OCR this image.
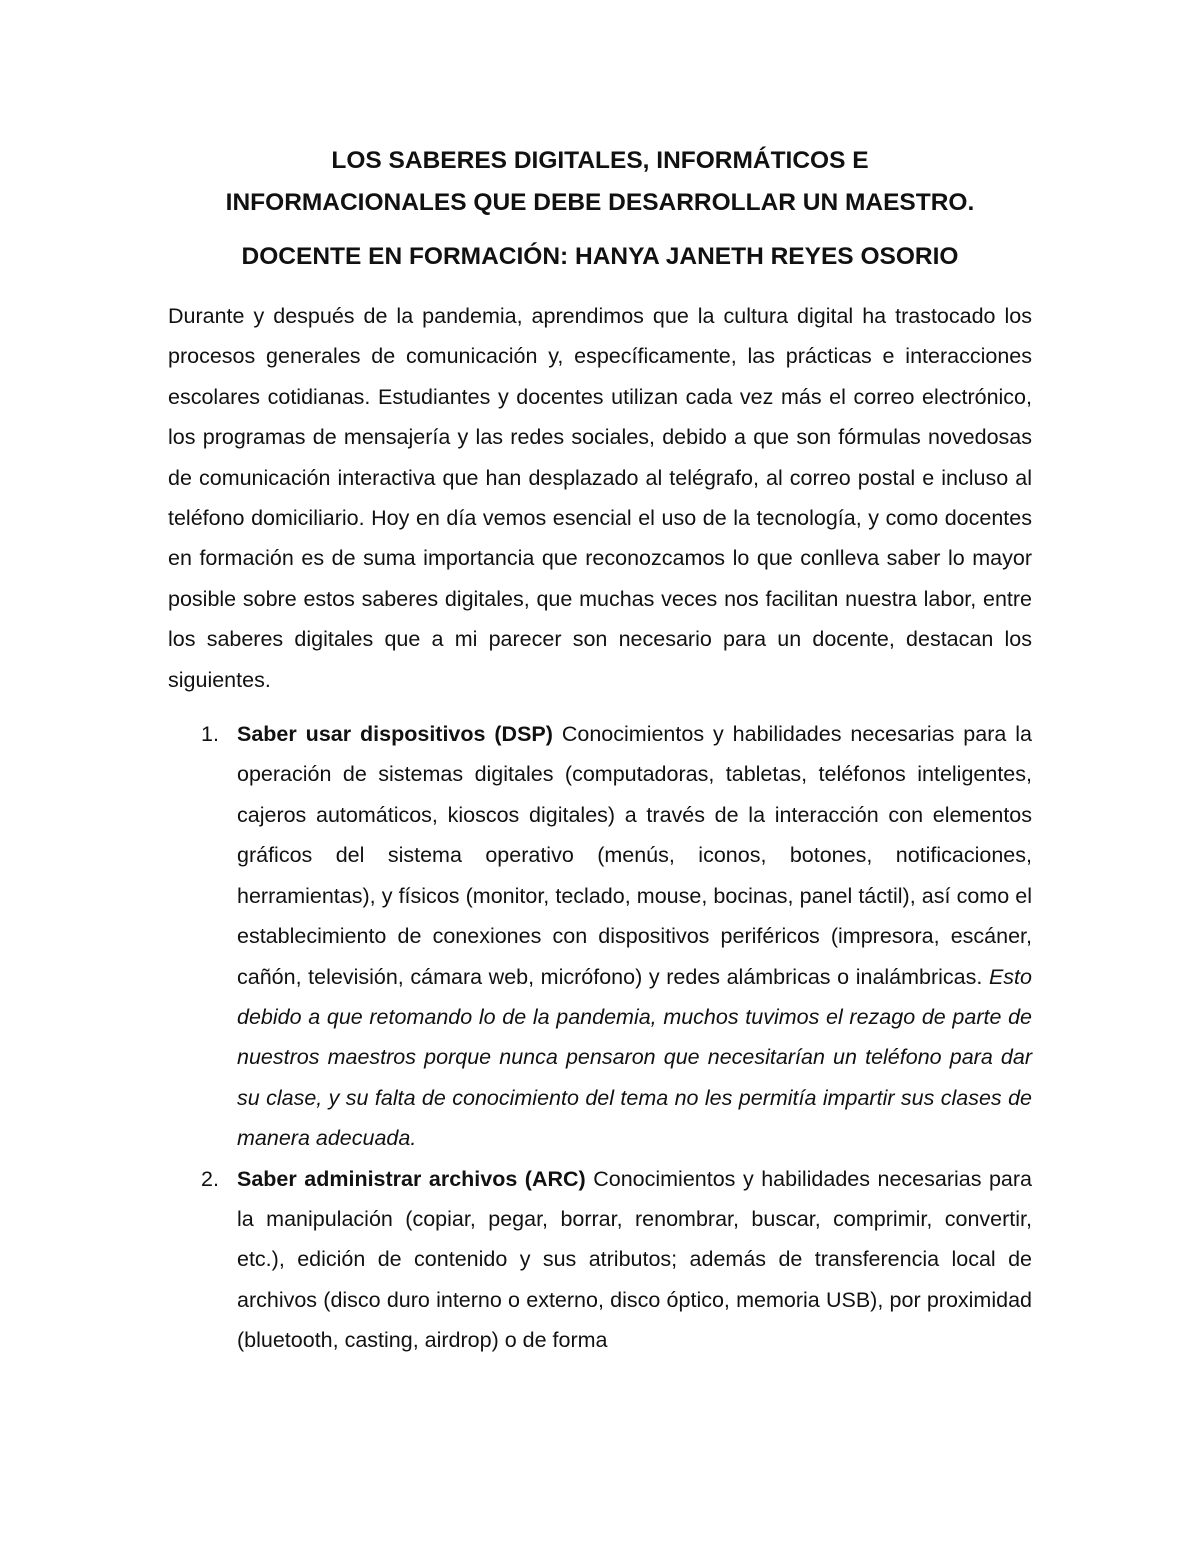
LOS SABERES DIGITALES, INFORMÁTICOS E
INFORMACIONALES QUE DEBE DESARROLLAR UN MAESTRO.
DOCENTE EN FORMACIÓN: HANYA JANETH REYES OSORIO

Durante y después de la pandemia, aprendimos que la cultura digital ha trastocado los procesos generales de comunicación y, específicamente, las prácticas e interacciones escolares cotidianas. Estudiantes y docentes utilizan cada vez más el correo electrónico, los programas de mensajería y las redes sociales, debido a que son fórmulas novedosas de comunicación interactiva que han desplazado al telégrafo, al correo postal e incluso al teléfono domiciliario. Hoy en día vemos esencial el uso de la tecnología, y como docentes en formación es de suma importancia que reconozcamos lo que conlleva saber lo mayor posible sobre estos saberes digitales, que muchas veces nos facilitan nuestra labor, entre los saberes digitales que a mi parecer son necesario para un docente, destacan los siguientes.

1. Saber usar dispositivos (DSP) Conocimientos y habilidades necesarias para la operación de sistemas digitales (computadoras, tabletas, teléfonos inteligentes, cajeros automáticos, kioscos digitales) a través de la interacción con elementos gráficos del sistema operativo (menús, iconos, botones, notificaciones, herramientas), y físicos (monitor, teclado, mouse, bocinas, panel táctil), así como el establecimiento de conexiones con dispositivos periféricos (impresora, escáner, cañón, televisión, cámara web, micrófono) y redes alámbricas o inalámbricas. Esto debido a que retomando lo de la pandemia, muchos tuvimos el rezago de parte de nuestros maestros porque nunca pensaron que necesitarían un teléfono para dar su clase, y su falta de conocimiento del tema no les permitía impartir sus clases de manera adecuada.
2. Saber administrar archivos (ARC) Conocimientos y habilidades necesarias para la manipulación (copiar, pegar, borrar, renombrar, buscar, comprimir, convertir, etc.), edición de contenido y sus atributos; además de transferencia local de archivos (disco duro interno o externo, disco óptico, memoria USB), por proximidad (bluetooth, casting, airdrop) o de forma
